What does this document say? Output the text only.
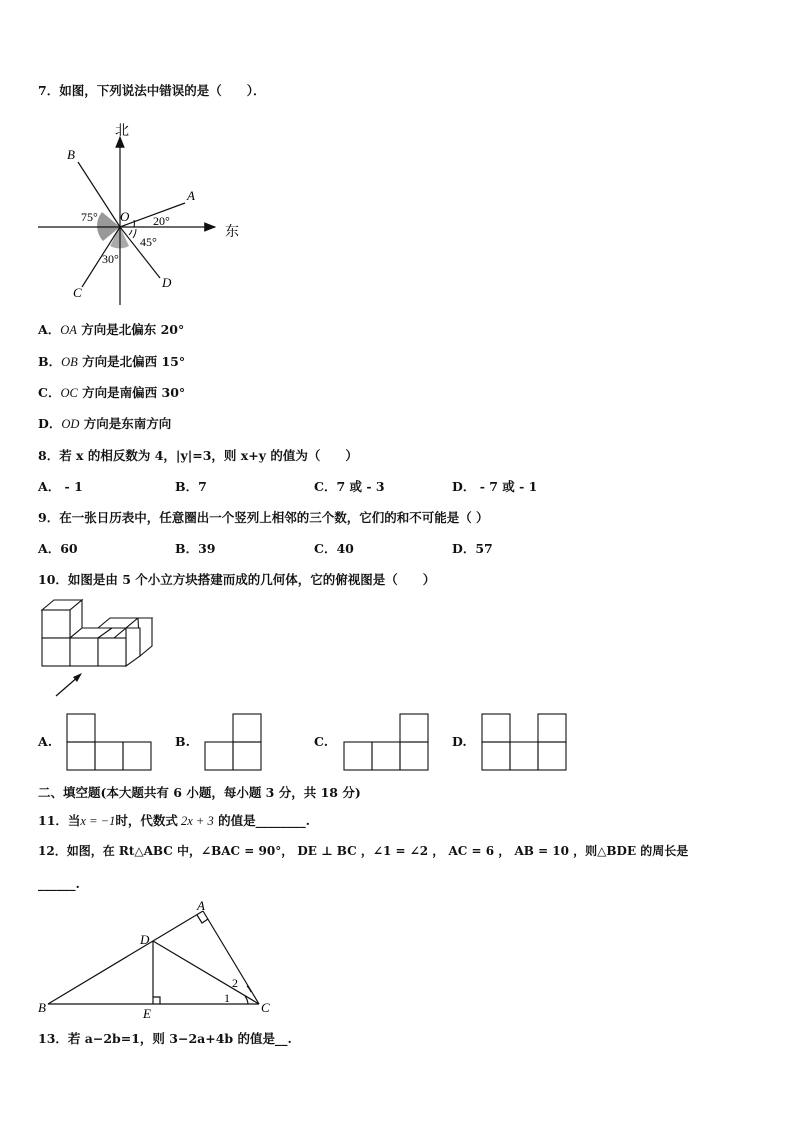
7．如图，下列说法中错误的是（　　）．
北
东
B
A
C
D
O
75°	20°
45°
30°
A．OA 方向是北偏东 20°
B．OB 方向是北偏西 15°
C．OC 方向是南偏西 30°
D．OD 方向是东南方向
8．若 x 的相反数为 4，|y|=3，则 x+y 的值为（　　）
A． - 1	B．7	C．7 或 - 3	D． - 7 或 - 1
9．在一张日历表中，任意圈出一个竖列上相邻的三个数，它们的和不可能是（ ）
A．60	B．39	C．40	D．57
10．如图是由 5 个小立方块搭建而成的几何体，它的俯视图是（　　）
A.	B.	C.	D.
二、填空题(本大题共有 6 小题，每小题 3 分，共 18 分)
11．当x = −1时，代数式 2x + 3 的值是________.
12．如图，在 Rt△ABC 中，∠BAC = 90°， DE ⊥ BC ，∠1 = ∠2 ， AC = 6 ， AB = 10 ，则△BDE 的周长是
______.
A
B	C
D
E
1
2
13．若 a−2b=1，则 3−2a+4b 的值是__.
